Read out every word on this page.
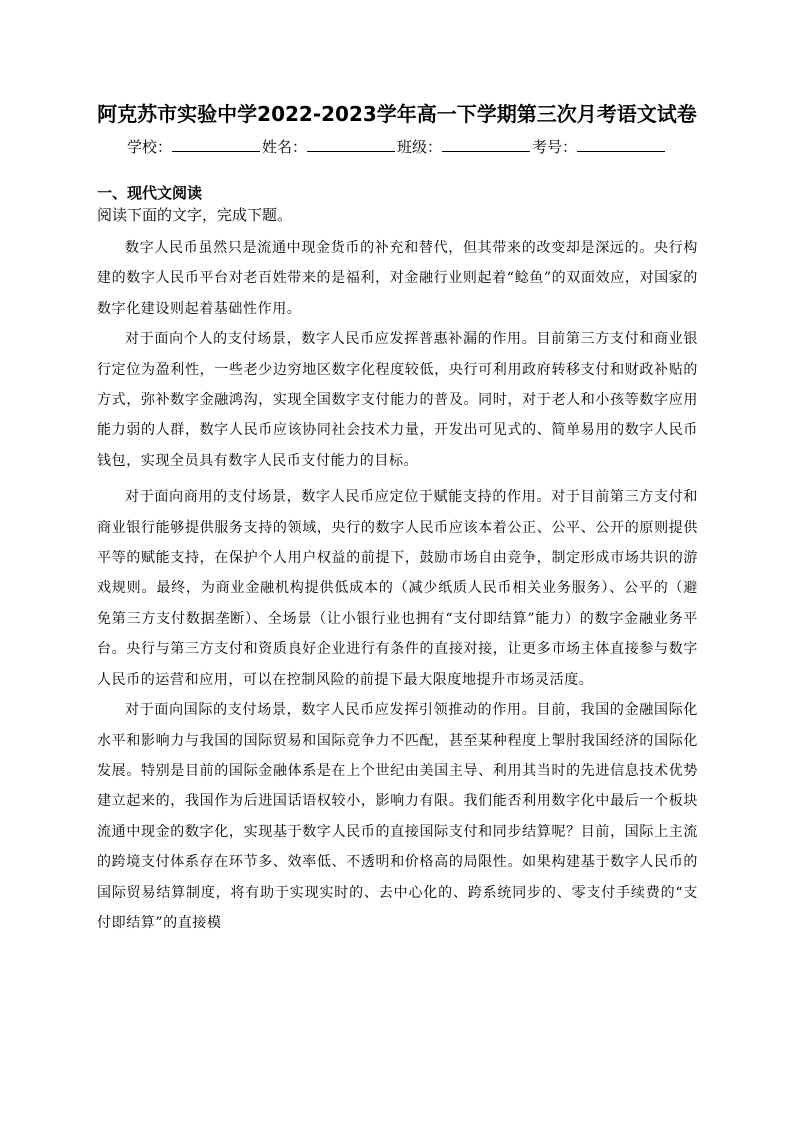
阿克苏市实验中学2022-2023学年高一下学期第三次月考语文试卷
学校：	姓名：	班级：	考号：
一、现代文阅读
阅读下面的文字，完成下题。

数字人民币虽然只是流通中现金货币的补充和替代，但其带来的改变却是深远的。央行构建的数字人民币平台对老百姓带来的是福利，对金融行业则起着“鲶鱼”的双面效应，对国家的数字化建设则起着基础性作用。

对于面向个人的支付场景，数字人民币应发挥普惠补漏的作用。目前第三方支付和商业银行定位为盈利性，一些老少边穷地区数字化程度较低，央行可利用政府转移支付和财政补贴的方式，弥补数字金融鸿沟，实现全国数字支付能力的普及。同时，对于老人和小孩等数字应用能力弱的人群，数字人民币应该协同社会技术力量，开发出可见式的、简单易用的数字人民币钱包，实现全员具有数字人民币支付能力的目标。

对于面向商用的支付场景，数字人民币应定位于赋能支持的作用。对于目前第三方支付和商业银行能够提供服务支持的领域，央行的数字人民币应该本着公正、公平、公开的原则提供平等的赋能支持，在保护个人用户权益的前提下，鼓励市场自由竞争，制定形成市场共识的游戏规则。最终，为商业金融机构提供低成本的（减少纸质人民币相关业务服务）、公平的（避免第三方支付数据垄断）、全场景（让小银行业也拥有“支付即结算”能力）的数字金融业务平台。央行与第三方支付和资质良好企业进行有条件的直接对接，让更多市场主体直接参与数字人民币的运营和应用，可以在控制风险的前提下最大限度地提升市场灵活度。

对于面向国际的支付场景，数字人民币应发挥引领推动的作用。目前，我国的金融国际化水平和影响力与我国的国际贸易和国际竞争力不匹配，甚至某种程度上掣肘我国经济的国际化发展。特别是目前的国际金融体系是在上个世纪由美国主导、利用其当时的先进信息技术优势建立起来的，我国作为后进国话语权较小，影响力有限。我们能否利用数字化中最后一个板块流通中现金的数字化，实现基于数字人民币的直接国际支付和同步结算呢？目前，国际上主流的跨境支付体系存在环节多、效率低、不透明和价格高的局限性。如果构建基于数字人民币的国际贸易结算制度，将有助于实现实时的、去中心化的、跨系统同步的、零支付手续费的“支付即结算”的直接模
